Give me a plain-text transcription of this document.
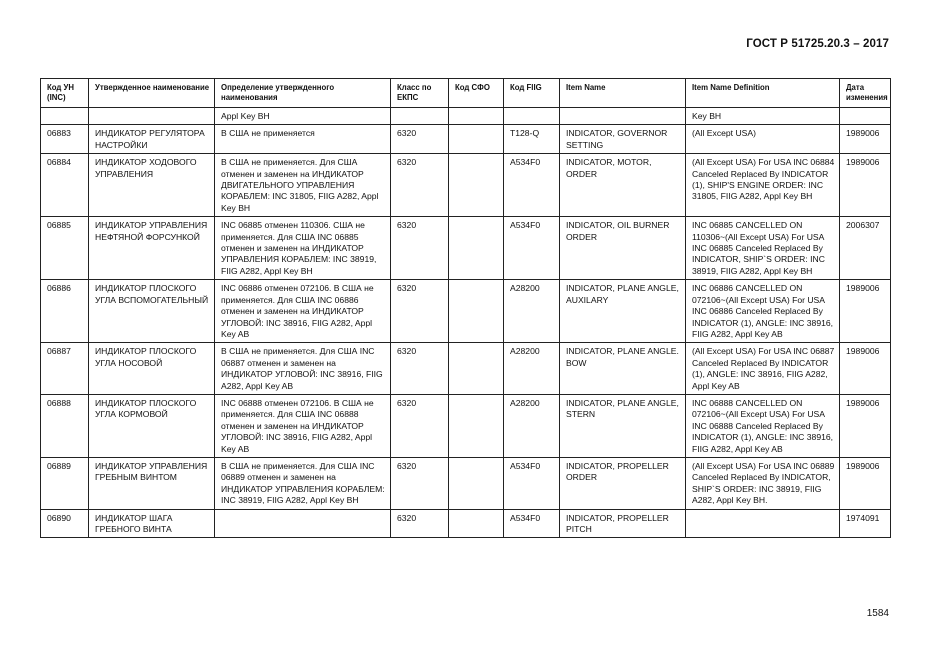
ГОСТ Р 51725.20.3 – 2017
Код УН (INC)	Утвержденное наименование	Определение утвержденного наименования	Класс по ЕКПС	Код СФО	Код FIIG	Item Name	Item Name Definition	Дата изменения
		Appl Key BH					Key BH	
06883	ИНДИКАТОР РЕГУЛЯТОРА НАСТРОЙКИ	В США не применяется	6320		T128-Q	INDICATOR, GOVERNOR SETTING	(All Except USA)	1989006
06884	ИНДИКАТОР ХОДОВОГО УПРАВЛЕНИЯ	В США не применяется. Для США отменен и заменен на ИНДИКАТОР ДВИГАТЕЛЬНОГО УПРАВЛЕНИЯ КОРАБЛЕМ: INC 31805, FIIG A282, Appl Key BH	6320		A534F0	INDICATOR, MOTOR, ORDER	(All Except USA) For USA INC 06884 Canceled Replaced By INDICATOR (1), SHIP'S ENGINE ORDER: INC 31805, FIIG A282, Appl Key BH	1989006
06885	ИНДИКАТОР УПРАВЛЕНИЯ НЕФТЯНОЙ ФОРСУНКОЙ	INC 06885 отменен 110306. США не применяется. Для США INC 06885 отменен и заменен на ИНДИКАТОР УПРАВЛЕНИЯ КОРАБЛЕМ: INC 38919, FIIG A282, Appl Key BH	6320		A534F0	INDICATOR, OIL BURNER ORDER	INC 06885 CANCELLED ON 110306~(All Except USA) For USA INC 06885 Canceled Replaced By INDICATOR, SHIP`S ORDER: INC 38919, FIIG A282, Appl Key BH	2006307
06886	ИНДИКАТОР ПЛОСКОГО УГЛА ВСПОМОГАТЕЛЬНЫЙ	INC 06886 отменен 072106. В США не применяется. Для США INC 06886 отменен и заменен на ИНДИКАТОР УГЛОВОЙ: INC 38916, FIIG A282, Appl Key AB	6320		A28200	INDICATOR, PLANE ANGLE, AUXILARY	INC 06886 CANCELLED ON 072106~(All Except USA) For USA INC 06886 Canceled Replaced By INDICATOR (1), ANGLE: INC 38916, FIIG A282, Appl Key AB	1989006
06887	ИНДИКАТОР ПЛОСКОГО УГЛА НОСОВОЙ	В США не применяется. Для США INC 06887 отменен и заменен на ИНДИКАТОР УГЛОВОЙ: INC 38916, FIIG A282, Appl Key AB	6320		A28200	INDICATOR, PLANE ANGLE. BOW	(All Except USA) For USA INC 06887 Canceled Replaced By INDICATOR (1), ANGLE: INC 38916, FIIG A282, Appl Key AB	1989006
06888	ИНДИКАТОР ПЛОСКОГО УГЛА КОРМОВОЙ	INC 06888 отменен 072106. В США не применяется. Для США INC 06888 отменен и заменен на ИНДИКАТОР УГЛОВОЙ: INC 38916, FIIG A282, Appl Key AB	6320		A28200	INDICATOR, PLANE ANGLE, STERN	INC 06888 CANCELLED ON 072106~(All Except USA) For USA INC 06888 Canceled Replaced By INDICATOR (1), ANGLE: INC 38916, FIIG A282, Appl Key AB	1989006
06889	ИНДИКАТОР УПРАВЛЕНИЯ ГРЕБНЫМ ВИНТОМ	В США не применяется. Для США INC 06889 отменен и заменен на ИНДИКАТОР УПРАВЛЕНИЯ КОРАБЛЕМ: INC 38919, FIIG A282, Appl Key BH	6320		A534F0	INDICATOR, PROPELLER ORDER	(All Except USA) For USA INC 06889 Canceled Replaced By INDICATOR, SHIP`S ORDER: INC 38919, FIIG A282, Appl Key BH.	1989006
06890	ИНДИКАТОР ШАГА ГРЕБНОГО ВИНТА		6320		A534F0	INDICATOR, PROPELLER PITCH		1974091
1584
